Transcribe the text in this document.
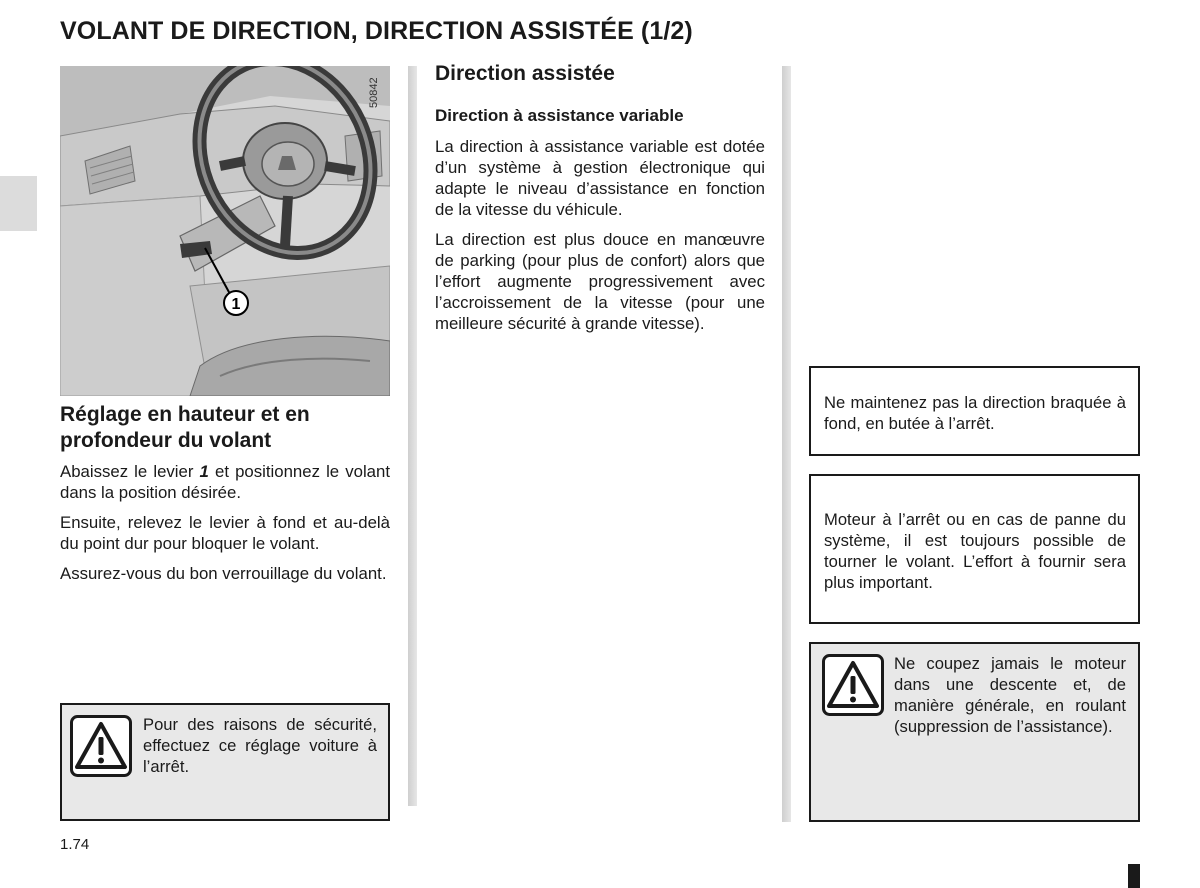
VOLANT DE DIRECTION, DIRECTION ASSISTÉE (1/2)
1
50842
Réglage en hauteur et en profondeur du volant

Abaissez le levier 1 et positionnez le volant dans la position désirée.

Ensuite, relevez le levier à fond et au-delà du point dur pour bloquer le volant.

Assurez-vous du bon verrouillage du volant.

Pour des raisons de sécurité, effectuez ce réglage voiture à l’arrêt.
Direction assistée
Direction à assistance variable

La direction à assistance variable est dotée d’un système à gestion électronique qui adapte le niveau d’assistance en fonction de la vitesse du véhicule.

La direction est plus douce en manœuvre de parking (pour plus de confort) alors que l’effort augmente progressivement avec l’accroissement de la vitesse (pour une meilleure sécurité à grande vitesse).

Ne maintenez pas la direction braquée à fond, en butée à l’arrêt.
Moteur à l’arrêt ou en cas de panne du système, il est toujours possible de tourner le volant. L’effort à fournir sera plus important.
Ne coupez jamais le moteur dans une descente et, de manière générale, en roulant (suppression de l’assistance).
1.74
